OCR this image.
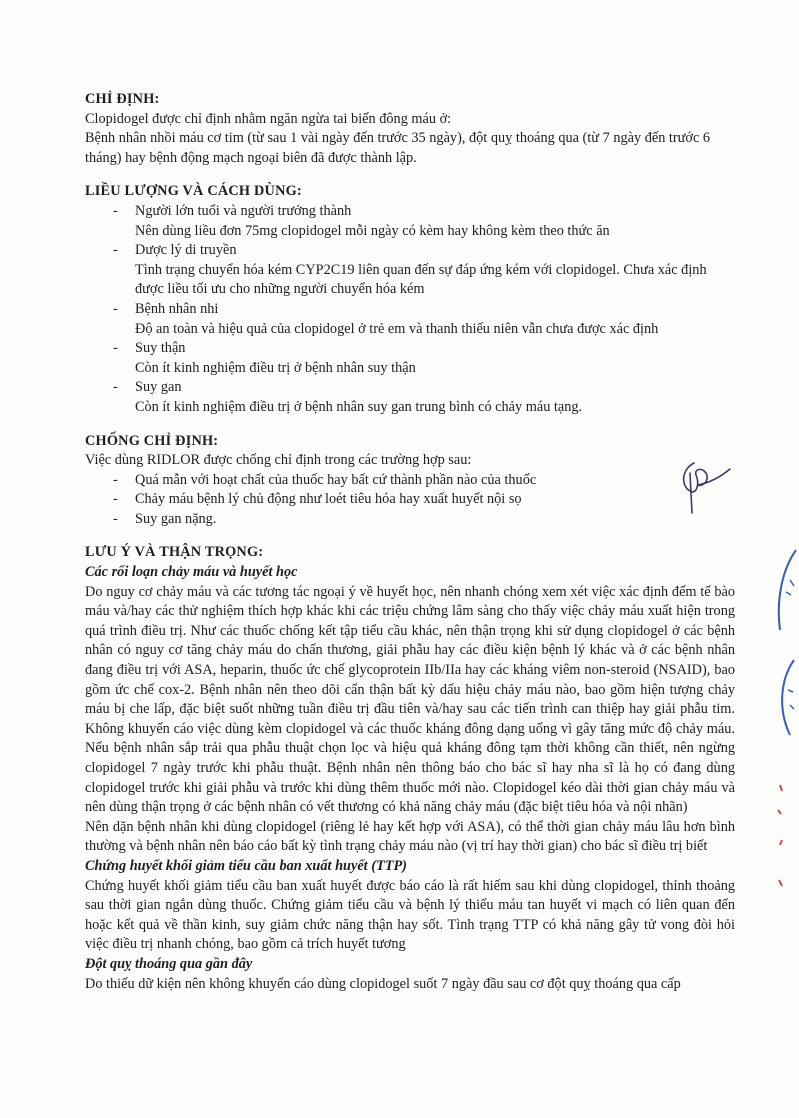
CHỈ ĐỊNH:

Clopidogel được chỉ định nhằm ngăn ngừa tai biến đông máu ở:

Bệnh nhân nhồi máu cơ tim (từ sau 1 vài ngày đến trước 35 ngày), đột quỵ thoáng qua (từ 7 ngày đến trước 6 tháng) hay bệnh động mạch ngoại biên đã được thành lập.

LIỀU LƯỢNG VÀ CÁCH DÙNG:

- Người lớn tuổi và người trưởng thành
Nên dùng liều đơn 75mg clopidogel mỗi ngày có kèm hay không kèm theo thức ăn
- Dược lý di truyền
Tình trạng chuyển hóa kém CYP2C19 liên quan đến sự đáp ứng kém với clopidogel. Chưa xác định được liều tối ưu cho những người chuyển hóa kém
- Bệnh nhân nhi
Độ an toàn và hiệu quả của clopidogel ở trẻ em và thanh thiếu niên vẫn chưa được xác định
- Suy thận
Còn ít kinh nghiệm điều trị ở bệnh nhân suy thận
- Suy gan
Còn ít kinh nghiệm điều trị ở bệnh nhân suy gan trung bình có chảy máu tạng.

CHỐNG CHỈ ĐỊNH:

Việc dùng RIDLOR được chống chỉ định trong các trường hợp sau:

- Quá mẫn với hoạt chất của thuốc hay bất cứ thành phần nào của thuốc
- Chảy máu bệnh lý chủ động như loét tiêu hóa hay xuất huyết nội sọ
- Suy gan nặng.

LƯU Ý VÀ THẬN TRỌNG:

Các rối loạn chảy máu và huyết học

Do nguy cơ chảy máu và các tương tác ngoại ý về huyết học, nên nhanh chóng xem xét việc xác định đếm tế bào máu và/hay các thử nghiệm thích hợp khác khi các triệu chứng lâm sàng cho thấy việc chảy máu xuất hiện trong quá trình điều trị. Như các thuốc chống kết tập tiểu cầu khác, nên thận trọng khi sử dụng clopidogel ở các bệnh nhân có nguy cơ tăng chảy máu do chấn thương, giải phẫu hay các điều kiện bệnh lý khác và ở các bệnh nhân đang điều trị với ASA, heparin, thuốc ức chế glycoprotein IIb/IIa hay các kháng viêm non-steroid (NSAID), bao gồm ức chế cox-2. Bệnh nhân nên theo dõi cẩn thận bất kỳ dấu hiệu chảy máu nào, bao gồm hiện tượng chảy máu bị che lấp, đặc biệt suốt những tuần điều trị đầu tiên và/hay sau các tiến trình can thiệp hay giải phẫu tim. Không khuyến cáo việc dùng kèm clopidogel và các thuốc kháng đông dạng uống vì gây tăng mức độ chảy máu. Nếu bệnh nhân sắp trải qua phẫu thuật chọn lọc và hiệu quả kháng đông tạm thời không cần thiết, nên ngừng clopidogel 7 ngày trước khi phẫu thuật. Bệnh nhân nên thông báo cho bác sĩ hay nha sĩ là họ có đang dùng clopidogel trước khi giải phẫu và trước khi dùng thêm thuốc mới nào. Clopidogel kéo dài thời gian chảy máu và nên dùng thận trọng ở các bệnh nhân có vết thương có khả năng chảy máu (đặc biệt tiêu hóa và nội nhãn)

Nên dặn bệnh nhân khi dùng clopidogel (riêng lẻ hay kết hợp với ASA), có thể thời gian chảy máu lâu hơn bình thường và bệnh nhân nên báo cáo bất kỳ tình trạng chảy máu nào (vị trí hay thời gian) cho bác sĩ điều trị biết

Chứng huyết khối giảm tiểu cầu ban xuất huyết (TTP)

Chứng huyết khối giảm tiểu cầu ban xuất huyết được báo cáo là rất hiếm sau khi dùng clopidogel, thỉnh thoảng sau thời gian ngắn dùng thuốc. Chứng giảm tiểu cầu và bệnh lý thiếu máu tan huyết vi mạch có liên quan đến hoặc kết quả về thần kinh, suy giảm chức năng thận hay sốt. Tình trạng TTP có khả năng gây tử vong đòi hỏi việc điều trị nhanh chóng, bao gồm cả trích huyết tương

Đột quỵ thoáng qua gần đây

Do thiếu dữ kiện nên không khuyến cáo dùng clopidogel suốt 7 ngày đầu sau cơ đột quỵ thoáng qua cấp
